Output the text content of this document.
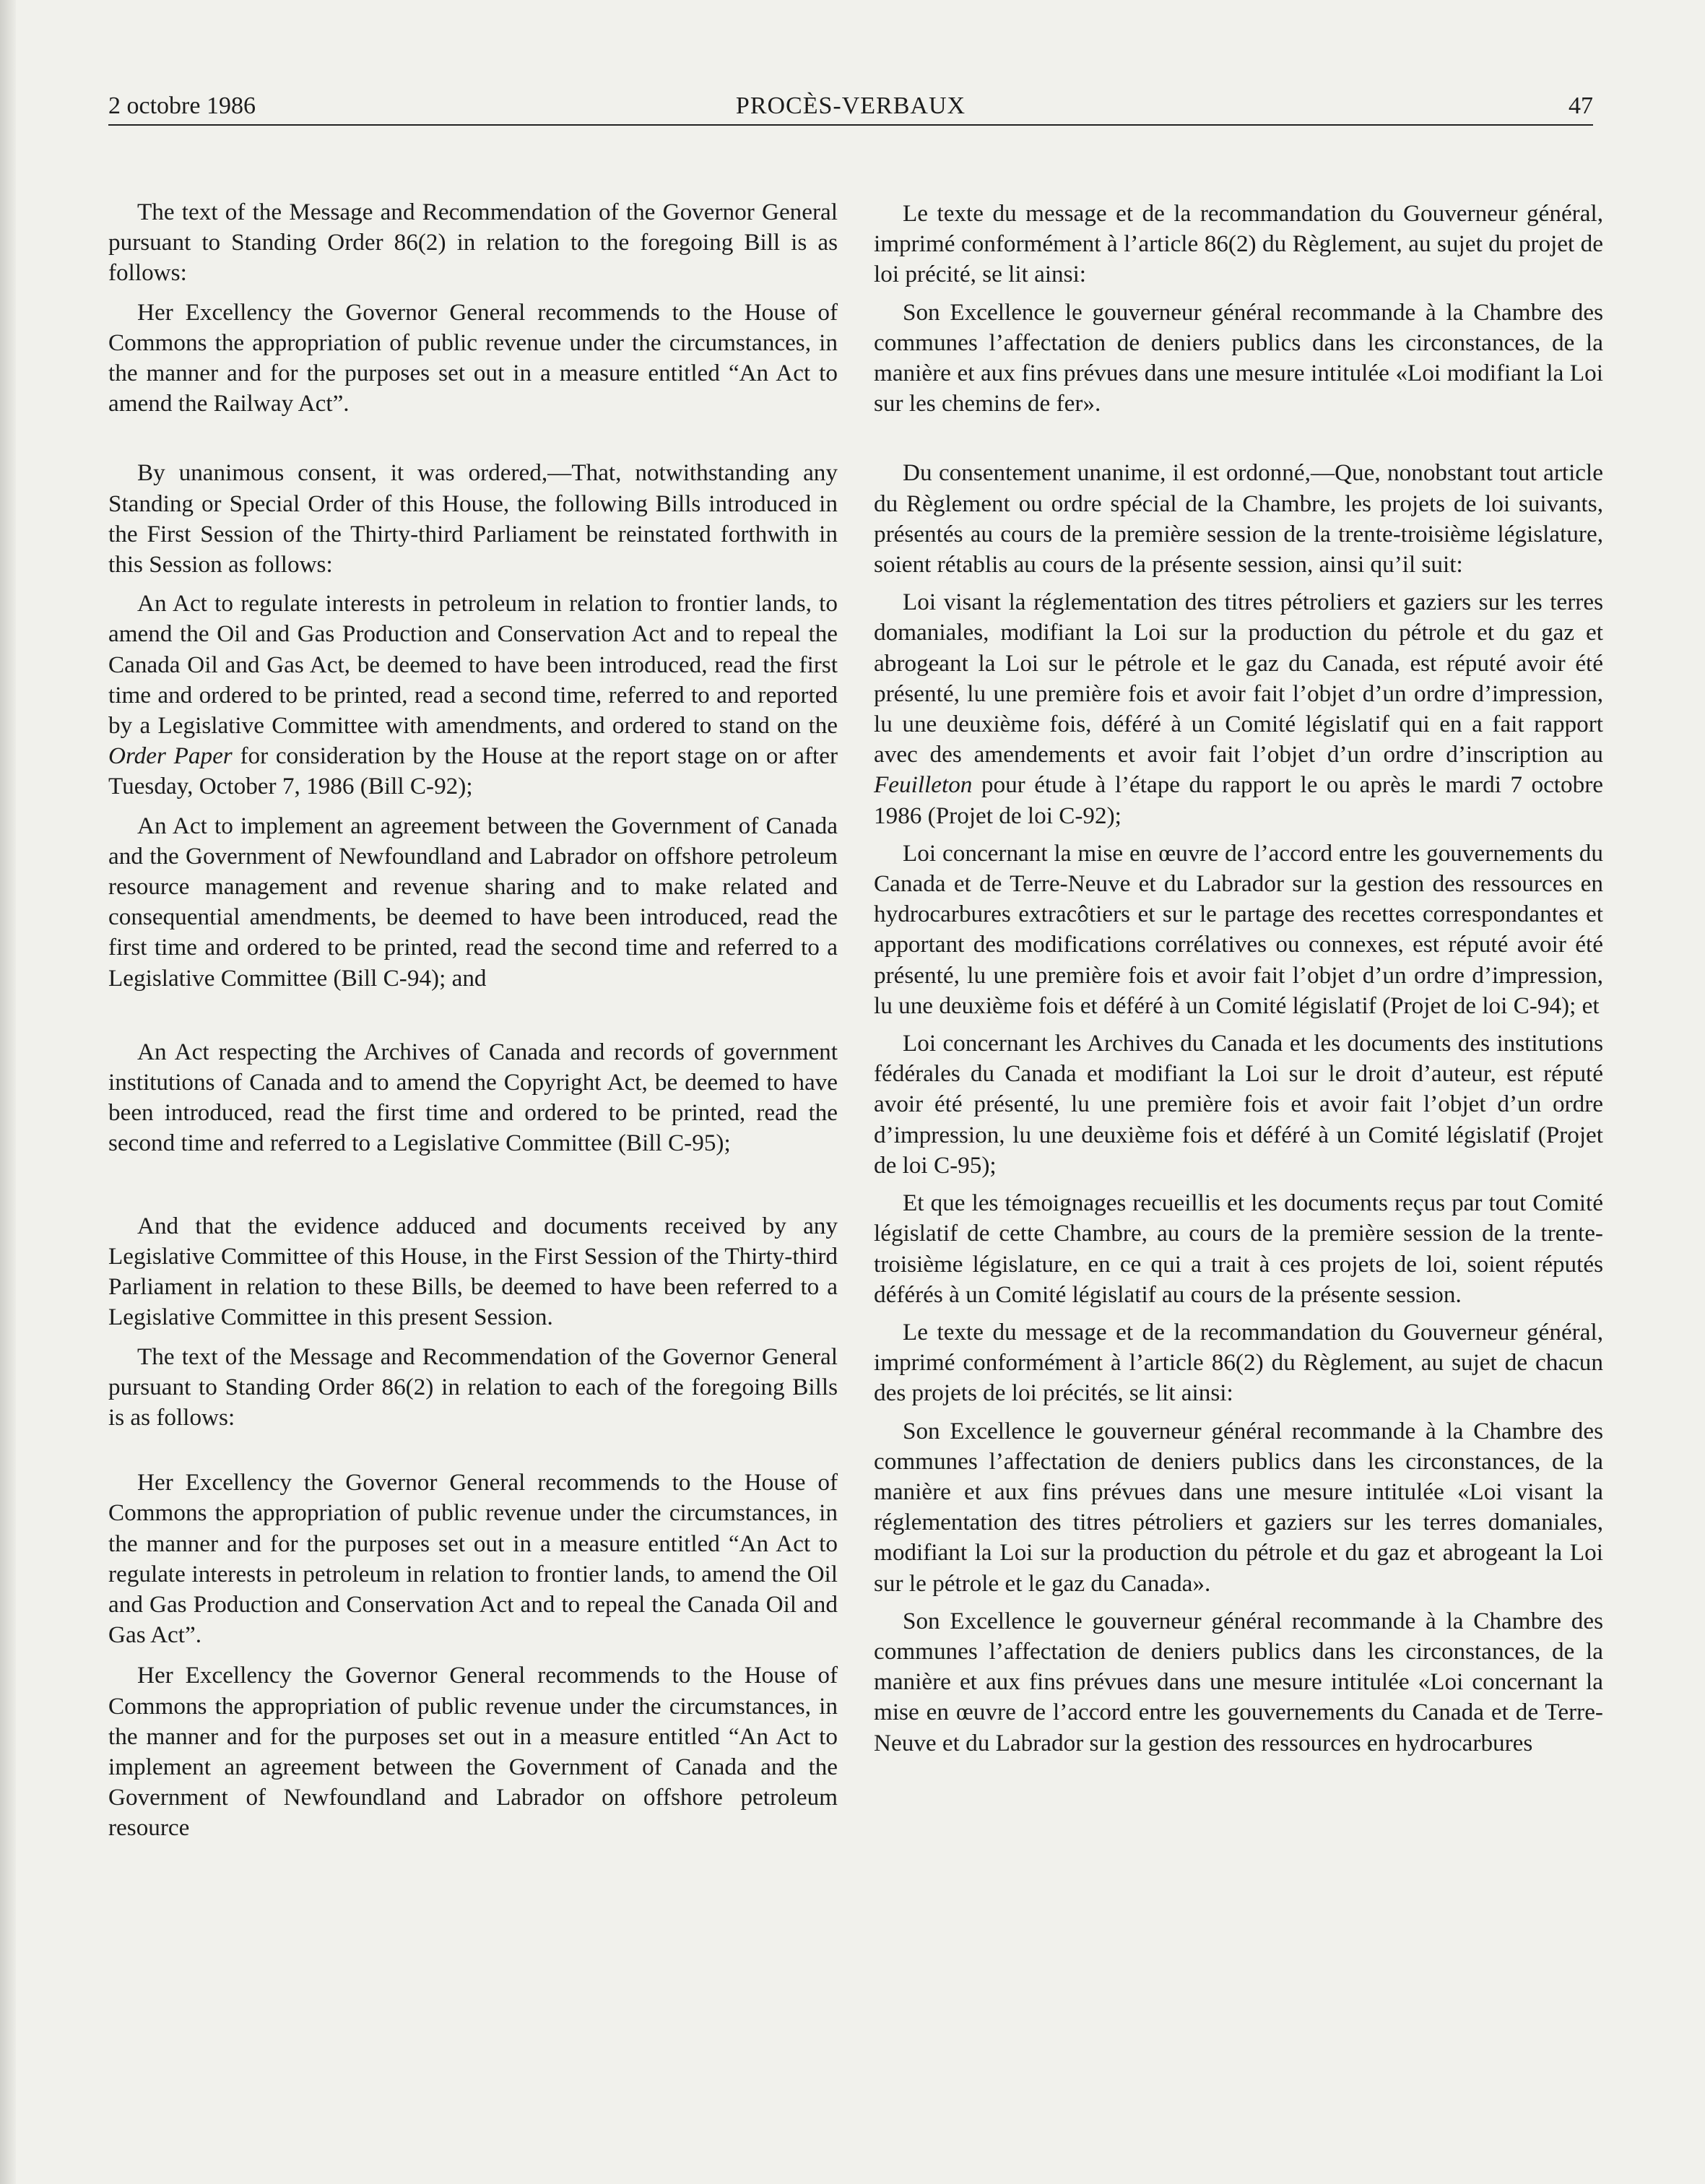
2 octobre 1986	PROCÈS-VERBAUX	47

The text of the Message and Recommendation of the Governor General pursuant to Standing Order 86(2) in relation to the foregoing Bill is as follows:

Her Excellency the Governor General recommends to the House of Commons the appropriation of public revenue under the circumstances, in the manner and for the purposes set out in a measure entitled “An Act to amend the Railway Act”.

By unanimous consent, it was ordered,—That, notwithstanding any Standing or Special Order of this House, the following Bills introduced in the First Session of the Thirty-third Parliament be reinstated forthwith in this Session as follows:

An Act to regulate interests in petroleum in relation to frontier lands, to amend the Oil and Gas Production and Conservation Act and to repeal the Canada Oil and Gas Act, be deemed to have been introduced, read the first time and ordered to be printed, read a second time, referred to and reported by a Legislative Committee with amendments, and ordered to stand on the Order Paper for consideration by the House at the report stage on or after Tuesday, October 7, 1986 (Bill C-92);

An Act to implement an agreement between the Government of Canada and the Government of Newfoundland and Labrador on offshore petroleum resource management and revenue sharing and to make related and consequential amendments, be deemed to have been introduced, read the first time and ordered to be printed, read the second time and referred to a Legislative Committee (Bill C-94); and

An Act respecting the Archives of Canada and records of government institutions of Canada and to amend the Copyright Act, be deemed to have been introduced, read the first time and ordered to be printed, read the second time and referred to a Legislative Committee (Bill C-95);

And that the evidence adduced and documents received by any Legislative Committee of this House, in the First Session of the Thirty-third Parliament in relation to these Bills, be deemed to have been referred to a Legislative Committee in this present Session.

The text of the Message and Recommendation of the Governor General pursuant to Standing Order 86(2) in relation to each of the foregoing Bills is as follows:

Her Excellency the Governor General recommends to the House of Commons the appropriation of public revenue under the circumstances, in the manner and for the purposes set out in a measure entitled “An Act to regulate interests in petroleum in relation to frontier lands, to amend the Oil and Gas Production and Conservation Act and to repeal the Canada Oil and Gas Act”.

Her Excellency the Governor General recommends to the House of Commons the appropriation of public revenue under the circumstances, in the manner and for the purposes set out in a measure entitled “An Act to implement an agreement between the Government of Canada and the Government of Newfoundland and Labrador on offshore petroleum resource

Le texte du message et de la recommandation du Gouverneur général, imprimé conformément à l’article 86(2) du Règlement, au sujet du projet de loi précité, se lit ainsi:

Son Excellence le gouverneur général recommande à la Chambre des communes l’affectation de deniers publics dans les circonstances, de la manière et aux fins prévues dans une mesure intitulée «Loi modifiant la Loi sur les chemins de fer».

Du consentement unanime, il est ordonné,—Que, nonobstant tout article du Règlement ou ordre spécial de la Chambre, les projets de loi suivants, présentés au cours de la première session de la trente-troisième législature, soient rétablis au cours de la présente session, ainsi qu’il suit:

Loi visant la réglementation des titres pétroliers et gaziers sur les terres domaniales, modifiant la Loi sur la production du pétrole et du gaz et abrogeant la Loi sur le pétrole et le gaz du Canada, est réputé avoir été présenté, lu une première fois et avoir fait l’objet d’un ordre d’impression, lu une deuxième fois, déféré à un Comité législatif qui en a fait rapport avec des amendements et avoir fait l’objet d’un ordre d’inscription au Feuilleton pour étude à l’étape du rapport le ou après le mardi 7 octobre 1986 (Projet de loi C-92);

Loi concernant la mise en œuvre de l’accord entre les gouvernements du Canada et de Terre-Neuve et du Labrador sur la gestion des ressources en hydrocarbures extracôtiers et sur le partage des recettes correspondantes et apportant des modifications corrélatives ou connexes, est réputé avoir été présenté, lu une première fois et avoir fait l’objet d’un ordre d’impression, lu une deuxième fois et déféré à un Comité législatif (Projet de loi C-94); et

Loi concernant les Archives du Canada et les documents des institutions fédérales du Canada et modifiant la Loi sur le droit d’auteur, est réputé avoir été présenté, lu une première fois et avoir fait l’objet d’un ordre d’impression, lu une deuxième fois et déféré à un Comité législatif (Projet de loi C-95);

Et que les témoignages recueillis et les documents reçus par tout Comité législatif de cette Chambre, au cours de la première session de la trente-troisième législature, en ce qui a trait à ces projets de loi, soient réputés déférés à un Comité législatif au cours de la présente session.

Le texte du message et de la recommandation du Gouverneur général, imprimé conformément à l’article 86(2) du Règlement, au sujet de chacun des projets de loi précités, se lit ainsi:

Son Excellence le gouverneur général recommande à la Chambre des communes l’affectation de deniers publics dans les circonstances, de la manière et aux fins prévues dans une mesure intitulée «Loi visant la réglementation des titres pétroliers et gaziers sur les terres domaniales, modifiant la Loi sur la production du pétrole et du gaz et abrogeant la Loi sur le pétrole et le gaz du Canada».

Son Excellence le gouverneur général recommande à la Chambre des communes l’affectation de deniers publics dans les circonstances, de la manière et aux fins prévues dans une mesure intitulée «Loi concernant la mise en œuvre de l’accord entre les gouvernements du Canada et de Terre-Neuve et du Labrador sur la gestion des ressources en hydrocarbures
